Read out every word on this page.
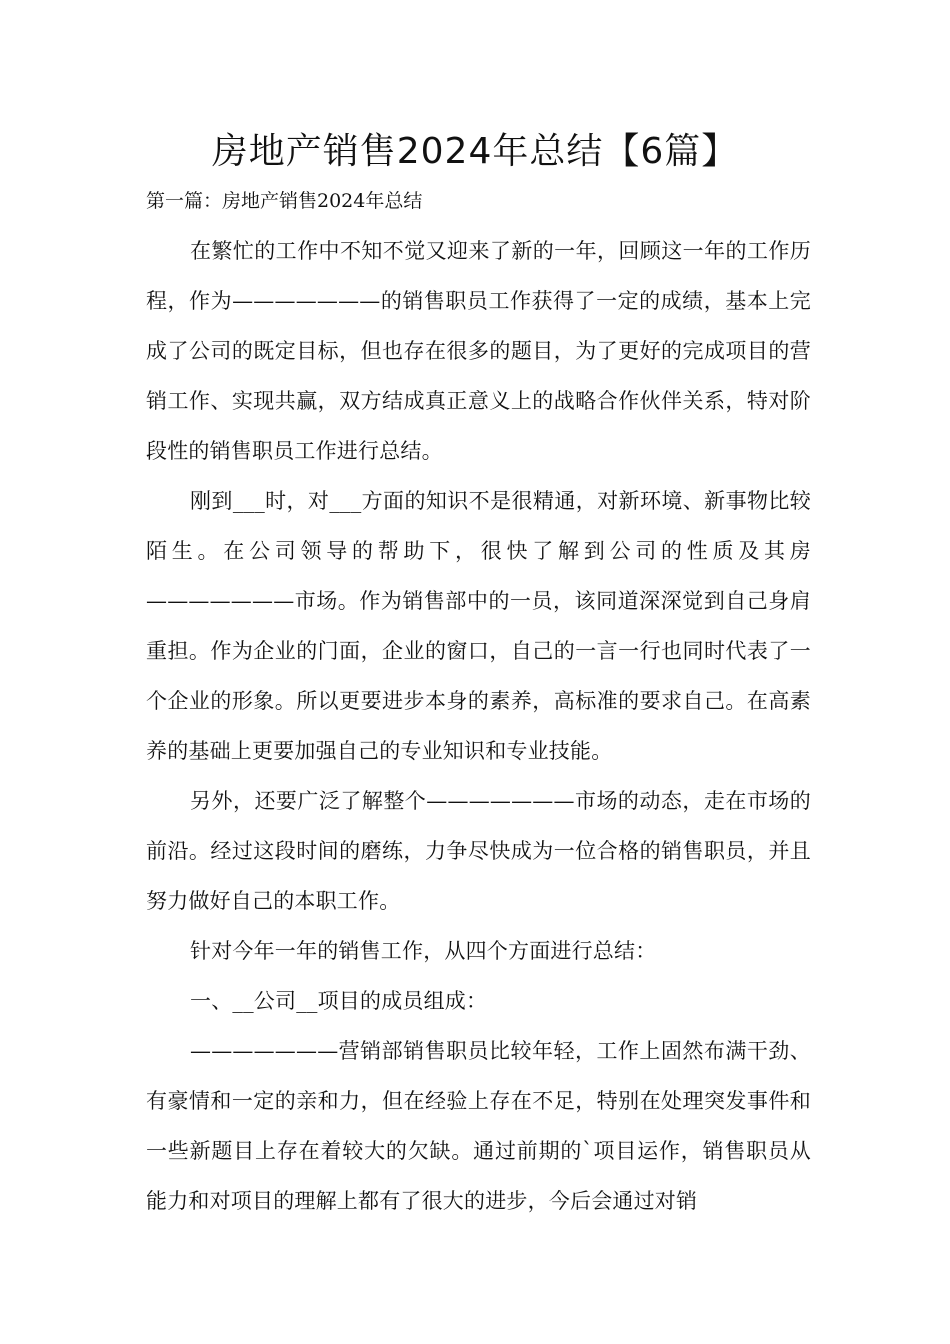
房地产销售2024年总结【6篇】

第一篇：房地产销售2024年总结

在繁忙的工作中不知不觉又迎来了新的一年，回顾这一年的工作历程，作为———————的销售职员工作获得了一定的成绩，基本上完成了公司的既定目标，但也存在很多的题目，为了更好的完成项目的营销工作、实现共赢，双方结成真正意义上的战略合作伙伴关系，特对阶段性的销售职员工作进行总结。

刚到___时，对___方面的知识不是很精通，对新环境、新事物比较陌生。在公司领导的帮助下，很快了解到公司的性质及其房———————市场。作为销售部中的一员，该同道深深觉到自己身肩重担。作为企业的门面，企业的窗口，自己的一言一行也同时代表了一个企业的形象。所以更要进步本身的素养，高标准的要求自己。在高素养的基础上更要加强自己的专业知识和专业技能。

另外，还要广泛了解整个———————市场的动态，走在市场的前沿。经过这段时间的磨练，力争尽快成为一位合格的销售职员，并且努力做好自己的本职工作。

针对今年一年的销售工作，从四个方面进行总结：

一、__公司__项目的成员组成：

———————营销部销售职员比较年轻，工作上固然布满干劲、有豪情和一定的亲和力，但在经验上存在不足，特别在处理突发事件和一些新题目上存在着较大的欠缺。通过前期的`项目运作，销售职员从能力和对项目的理解上都有了很大的进步，今后会通过对销
